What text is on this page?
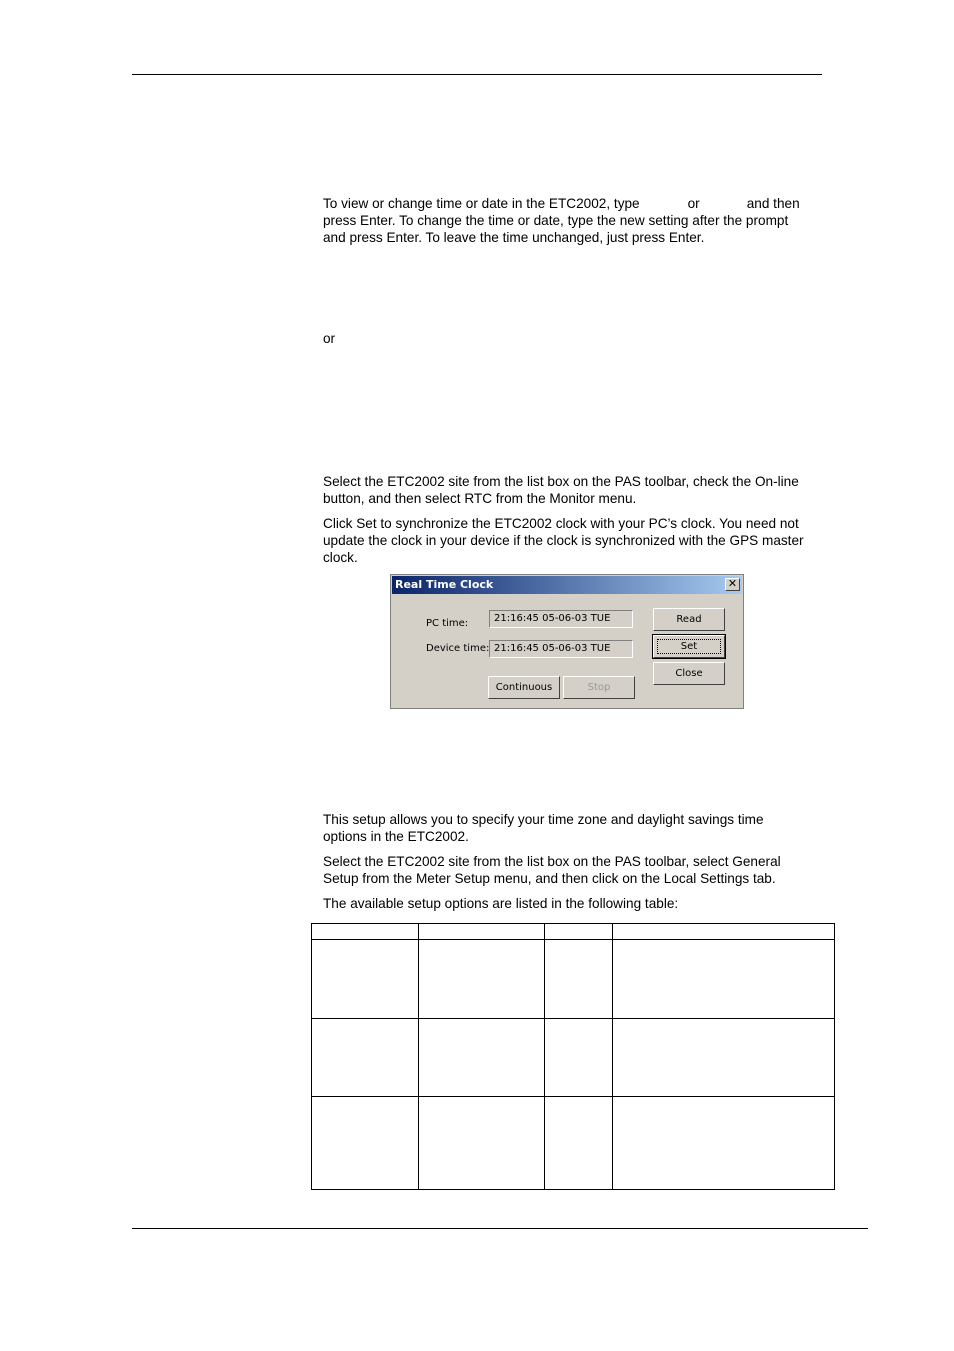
To view or change time or date in the ETC2002, type	or	and then press Enter. To change the time or date, type the new setting after the prompt and press Enter. To leave the time unchanged, just press Enter.

or

Select the ETC2002 site from the list box on the PAS toolbar, check the On-line button, and then select RTC from the Monitor menu.

Click Set to synchronize the ETC2002 clock with your PC’s clock. You need not update the clock in your device if the clock is synchronized with the GPS master clock.

Real Time Clock	✕
PC time:	21:16:45 05-06-03 TUE
Device time: 21:16:45 05-06-03 TUE
Read
Set
Close
Continuous	Stop

This setup allows you to specify your time zone and daylight savings time options in the ETC2002.

Select the ETC2002 site from the list box on the PAS toolbar, select General Setup from the Meter Setup menu, and then click on the Local Settings tab.

The available setup options are listed in the following table:
